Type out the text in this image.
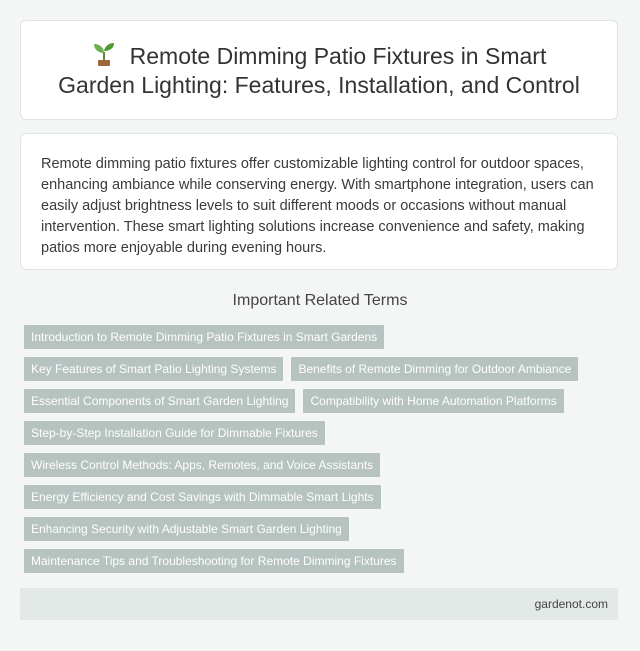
Remote Dimming Patio Fixtures in Smart
Garden Lighting: Features, Installation, and Control

Remote dimming patio fixtures offer customizable lighting control for outdoor spaces, enhancing ambiance while conserving energy. With smartphone integration, users can easily adjust brightness levels to suit different moods or occasions without manual intervention. These smart lighting solutions increase convenience and safety, making patios more enjoyable during evening hours.

Important Related Terms
Introduction to Remote Dimming Patio Fixtures in Smart Gardens
Key Features of Smart Patio Lighting Systems	Benefits of Remote Dimming for Outdoor Ambiance
Essential Components of Smart Garden Lighting	Compatibility with Home Automation Platforms
Step-by-Step Installation Guide for Dimmable Fixtures
Wireless Control Methods: Apps, Remotes, and Voice Assistants
Energy Efficiency and Cost Savings with Dimmable Smart Lights
Enhancing Security with Adjustable Smart Garden Lighting
Maintenance Tips and Troubleshooting for Remote Dimming Fixtures
gardenot.com
